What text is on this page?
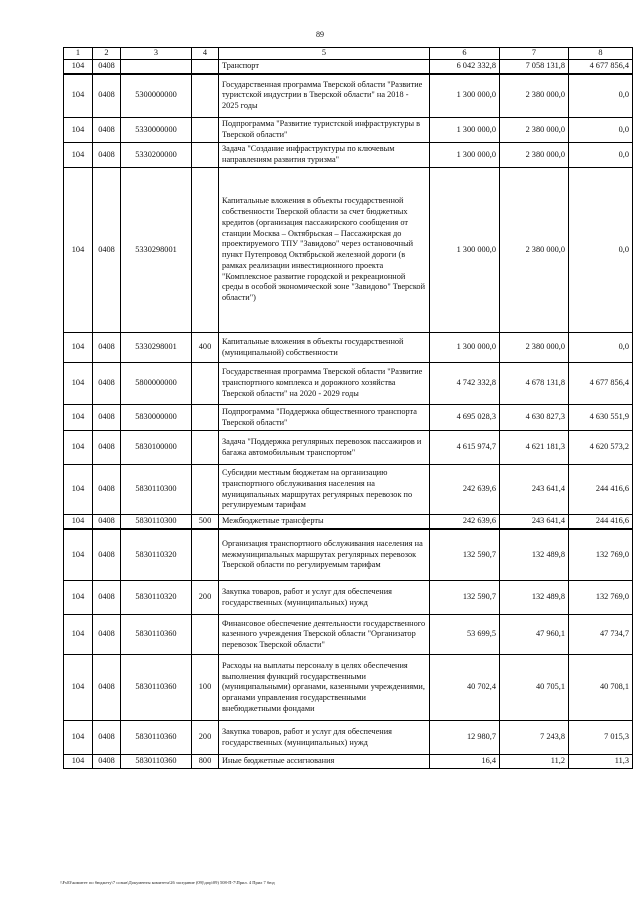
89
1	2	3	4	5	6	7	8
104	0408			Транспорт	6 042 332,8	7 058 131,8	4 677 856,4
104	0408	5300000000		Государственная программа Тверской области "Развитие туристской индустрии в Тверской области" на 2018 - 2025 годы	1 300 000,0	2 380 000,0	0,0
104	0408	5330000000		Подпрограмма "Развитие туристской инфраструктуры в Тверской области"	1 300 000,0	2 380 000,0	0,0
104	0408	5330200000		Задача "Создание инфраструктуры по ключевым направлениям развития туризма"	1 300 000,0	2 380 000,0	0,0
104	0408	5330298001		Капитальные вложения в объекты государственной собственности Тверской области за счет бюджетных кредитов (организация пассажирского сообщения от станции Москва – Октябрьская – Пассажирская до проектируемого ТПУ "Завидово" через остановочный пункт Путепровод Октябрьской железной дороги (в рамках реализации инвестиционного проекта "Комплексное развитие городской и рекреационной среды в особой экономической зоне "Завидово" Тверской области")	1 300 000,0	2 380 000,0	0,0
104	0408	5330298001	400	Капитальные вложения в объекты государственной (муниципальной) собственности	1 300 000,0	2 380 000,0	0,0
104	0408	5800000000		Государственная программа Тверской области "Развитие транспортного комплекса и дорожного хозяйства Тверской области" на 2020 - 2029 годы	4 742 332,8	4 678 131,8	4 677 856,4
104	0408	5830000000		Подпрограмма "Поддержка общественного транспорта Тверской области"	4 695 028,3	4 630 827,3	4 630 551,9
104	0408	5830100000		Задача "Поддержка регулярных перевозок пассажиров и багажа автомобильным транспортом"	4 615 974,7	4 621 181,3	4 620 573,2
104	0408	5830110300		Субсидии местным бюджетам на организацию транспортного обслуживания населения на муниципальных маршрутах регулярных перевозок по регулируемым тарифам	242 639,6	243 641,4	244 416,6
104	0408	5830110300	500	Межбюджетные трансферты	242 639,6	243 641,4	244 416,6
104	0408	5830110320		Организация транспортного обслуживания населения на межмуниципальных маршрутах регулярных перевозок Тверской области по регулируемым тарифам	132 590,7	132 489,8	132 769,0
104	0408	5830110320	200	Закупка товаров, работ и услуг для обеспечения государственных (муниципальных) нужд	132 590,7	132 489,8	132 769,0
104	0408	5830110360		Финансовое обеспечение деятельности государственного казенного учреждения Тверской области "Организатор перевозок Тверской области"	53 699,5	47 960,1	47 734,7
104	0408	5830110360	100	Расходы на выплаты персоналу в целях обеспечения выполнения функций государственными (муниципальными) органами, казенными учреждениями, органами управления государственными внебюджетными фондами	40 702,4	40 705,1	40 708,1
104	0408	5830110360	200	Закупка товаров, работ и услуг для обеспечения государственных (муниципальных) нужд	12 980,7	7 243,8	7 015,3
104	0408	5830110360	800	Иные бюджетные ассигнования	16,4	11,2	11,3
\\Fs03\комитет по бюджету\7 созыв\Документы комитета\26 заседание (09)\дпр\09) 508-П-7\Прил. 4 Прил 7 бюд
